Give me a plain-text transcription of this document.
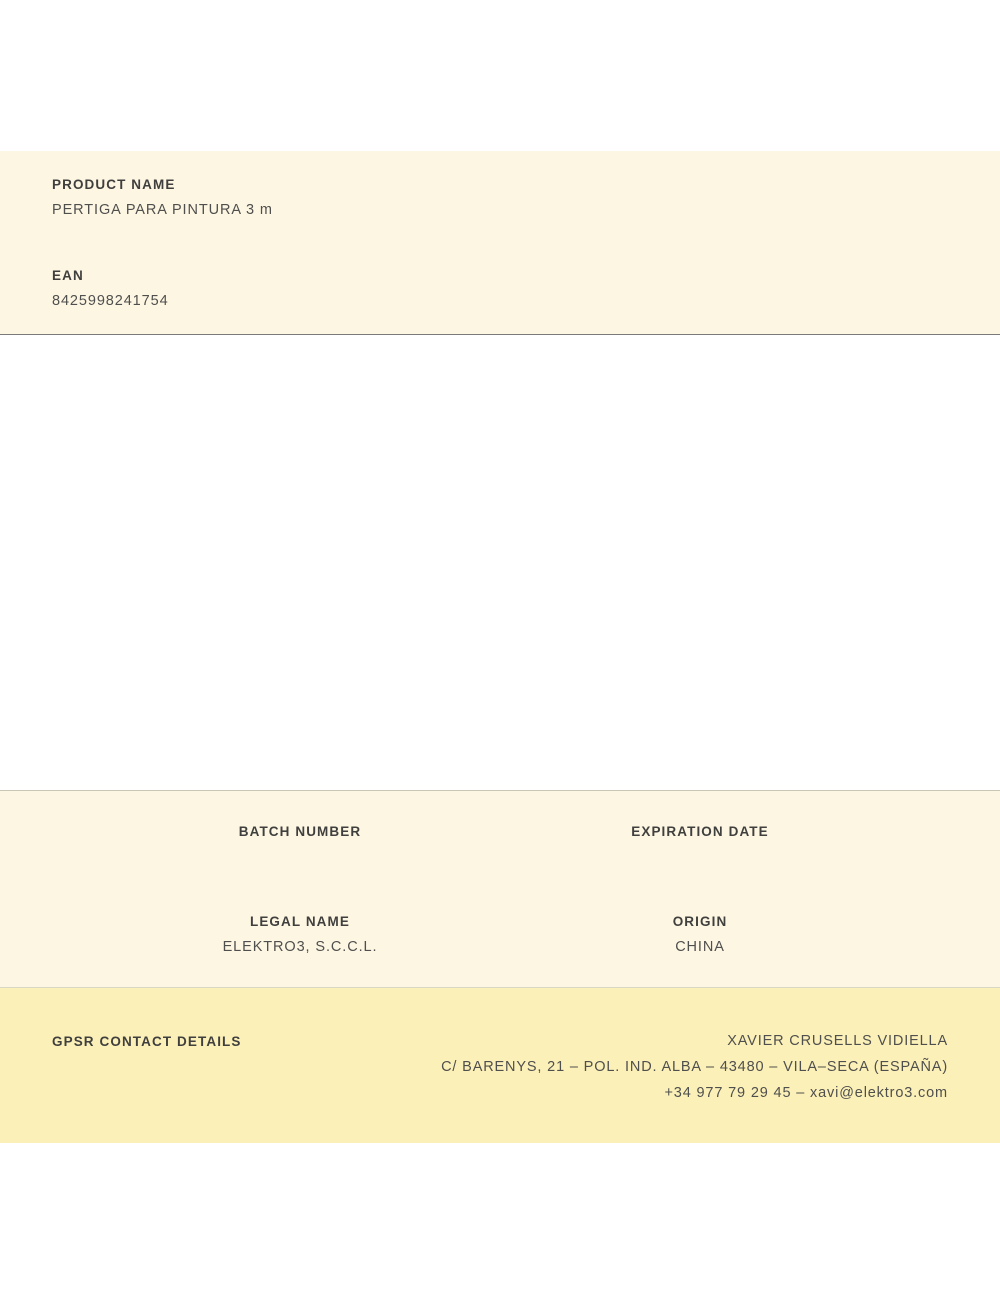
PRODUCT NAME
PERTIGA PARA PINTURA 3 m
EAN
8425998241754
BATCH NUMBER	EXPIRATION DATE
LEGAL NAME
ELEKTRO3, S.C.C.L.
ORIGIN
CHINA
GPSR CONTACT DETAILS	XAVIER CRUSELLS VIDIELLA
C/ BARENYS, 21 – POL. IND. ALBA – 43480 – VILA–SECA (ESPAÑA)
+34 977 79 29 45 – xavi@elektro3.com
